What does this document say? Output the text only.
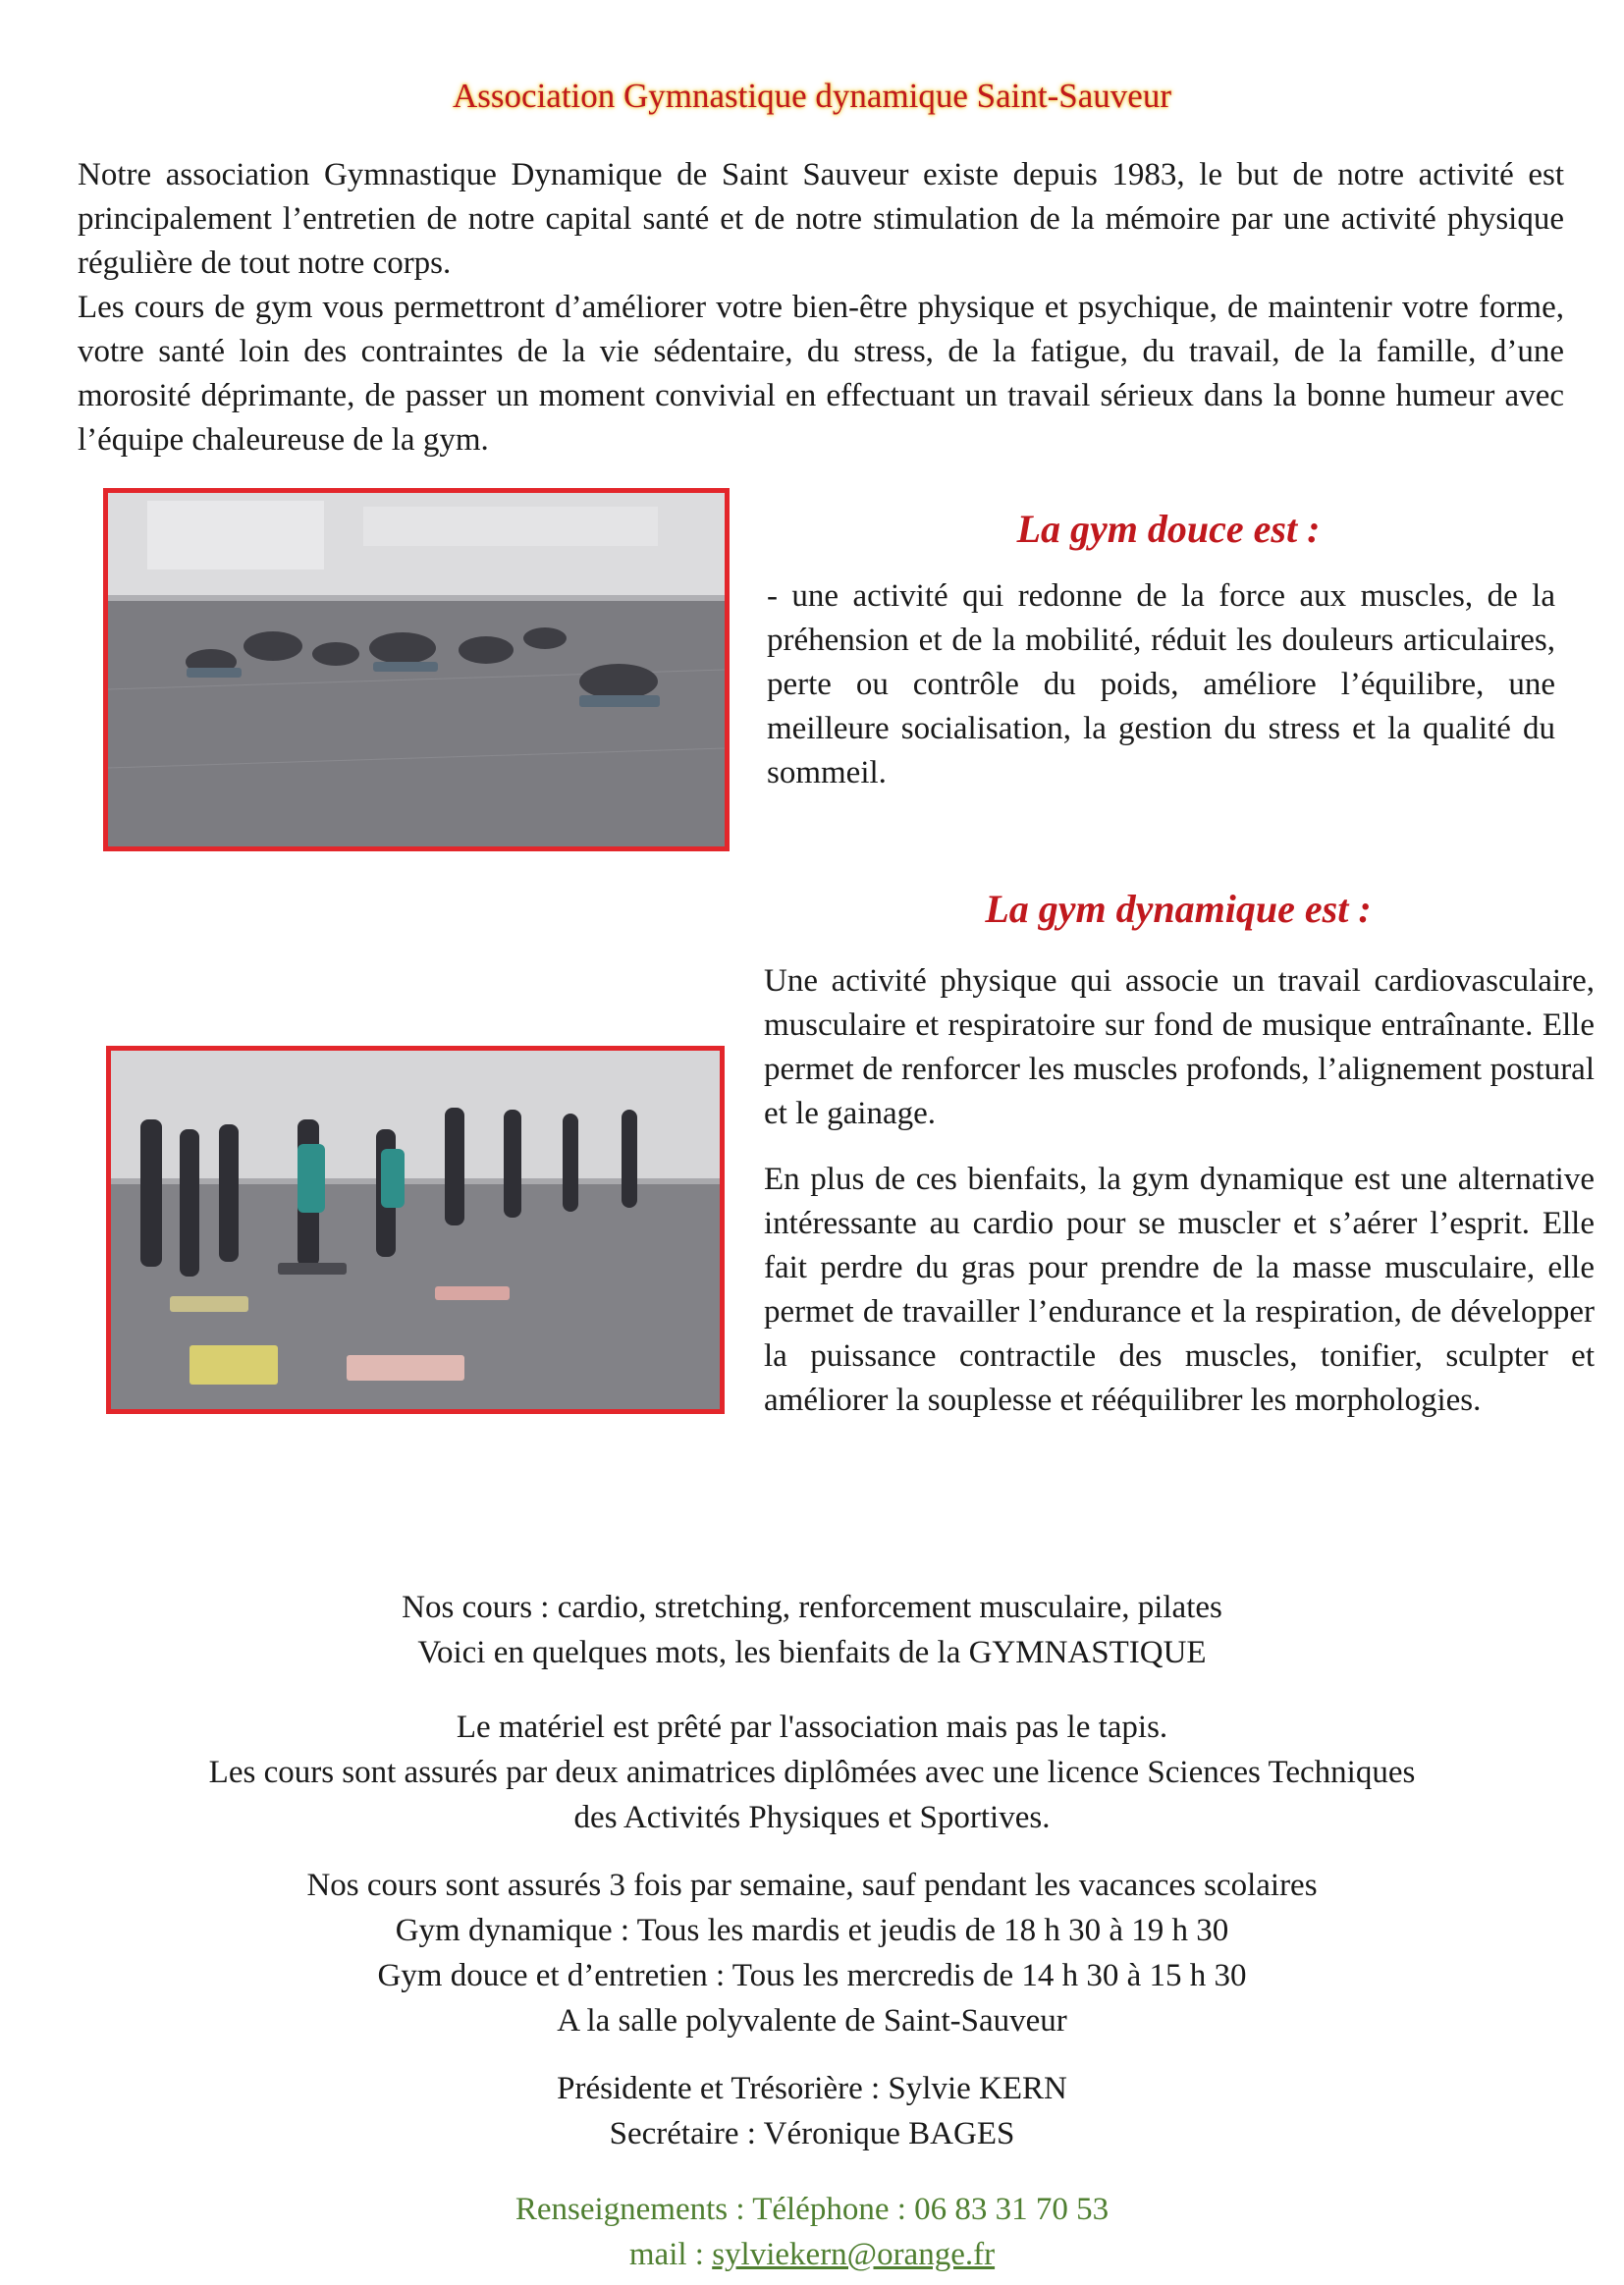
Association Gymnastique dynamique Saint-Sauveur

Notre association Gymnastique Dynamique de Saint Sauveur existe depuis 1983, le but de notre activité est principalement l’entretien de notre capital santé et de notre stimulation de la mémoire par une activité physique régulière de tout notre corps.

Les cours de gym vous permettront d’améliorer votre bien-être physique et psychique, de maintenir votre forme, votre santé loin des contraintes de la vie sédentaire, du stress, de la fatigue, du travail, de la famille, d’une morosité déprimante, de passer un moment convivial en effectuant un travail sérieux dans la bonne humeur avec l’équipe chaleureuse de la gym.

La gym douce est :

- une activité qui redonne de la force aux muscles, de la préhension et de la mobilité, réduit les douleurs articulaires, perte ou contrôle du poids, améliore l’équilibre, une meilleure socialisation, la gestion du stress et la qualité du sommeil.

La gym dynamique est :

Une activité physique qui associe un travail cardiovasculaire, musculaire et respiratoire sur fond de musique entraînante. Elle permet de renforcer les muscles profonds, l’alignement postural et le gainage.

En plus de ces bienfaits, la gym dynamique est une alternative intéressante au cardio pour se muscler et s’aérer l’esprit. Elle fait perdre du gras pour prendre de la masse musculaire, elle permet de travailler l’endurance et la respiration, de développer la puissance contractile des muscles, tonifier, sculpter et améliorer la souplesse et rééquilibrer les morphologies.

Nos cours : cardio, stretching, renforcement musculaire, pilates

Voici en quelques mots, les bienfaits de la GYMNASTIQUE

Le matériel est prêté par l'association mais pas le tapis.

Les cours sont assurés par deux animatrices diplômées avec une licence Sciences Techniques

des Activités Physiques et Sportives.

Nos cours sont assurés 3 fois par semaine, sauf pendant les vacances scolaires

Gym dynamique : Tous les mardis et jeudis de 18 h 30 à 19 h 30

Gym douce et d’entretien : Tous les mercredis de 14 h 30 à 15 h 30

A la salle polyvalente de Saint-Sauveur

Présidente et Trésorière : Sylvie KERN

Secrétaire : Véronique BAGES

Renseignements : Téléphone : 06 83 31 70 53

mail : sylviekern@orange.fr
